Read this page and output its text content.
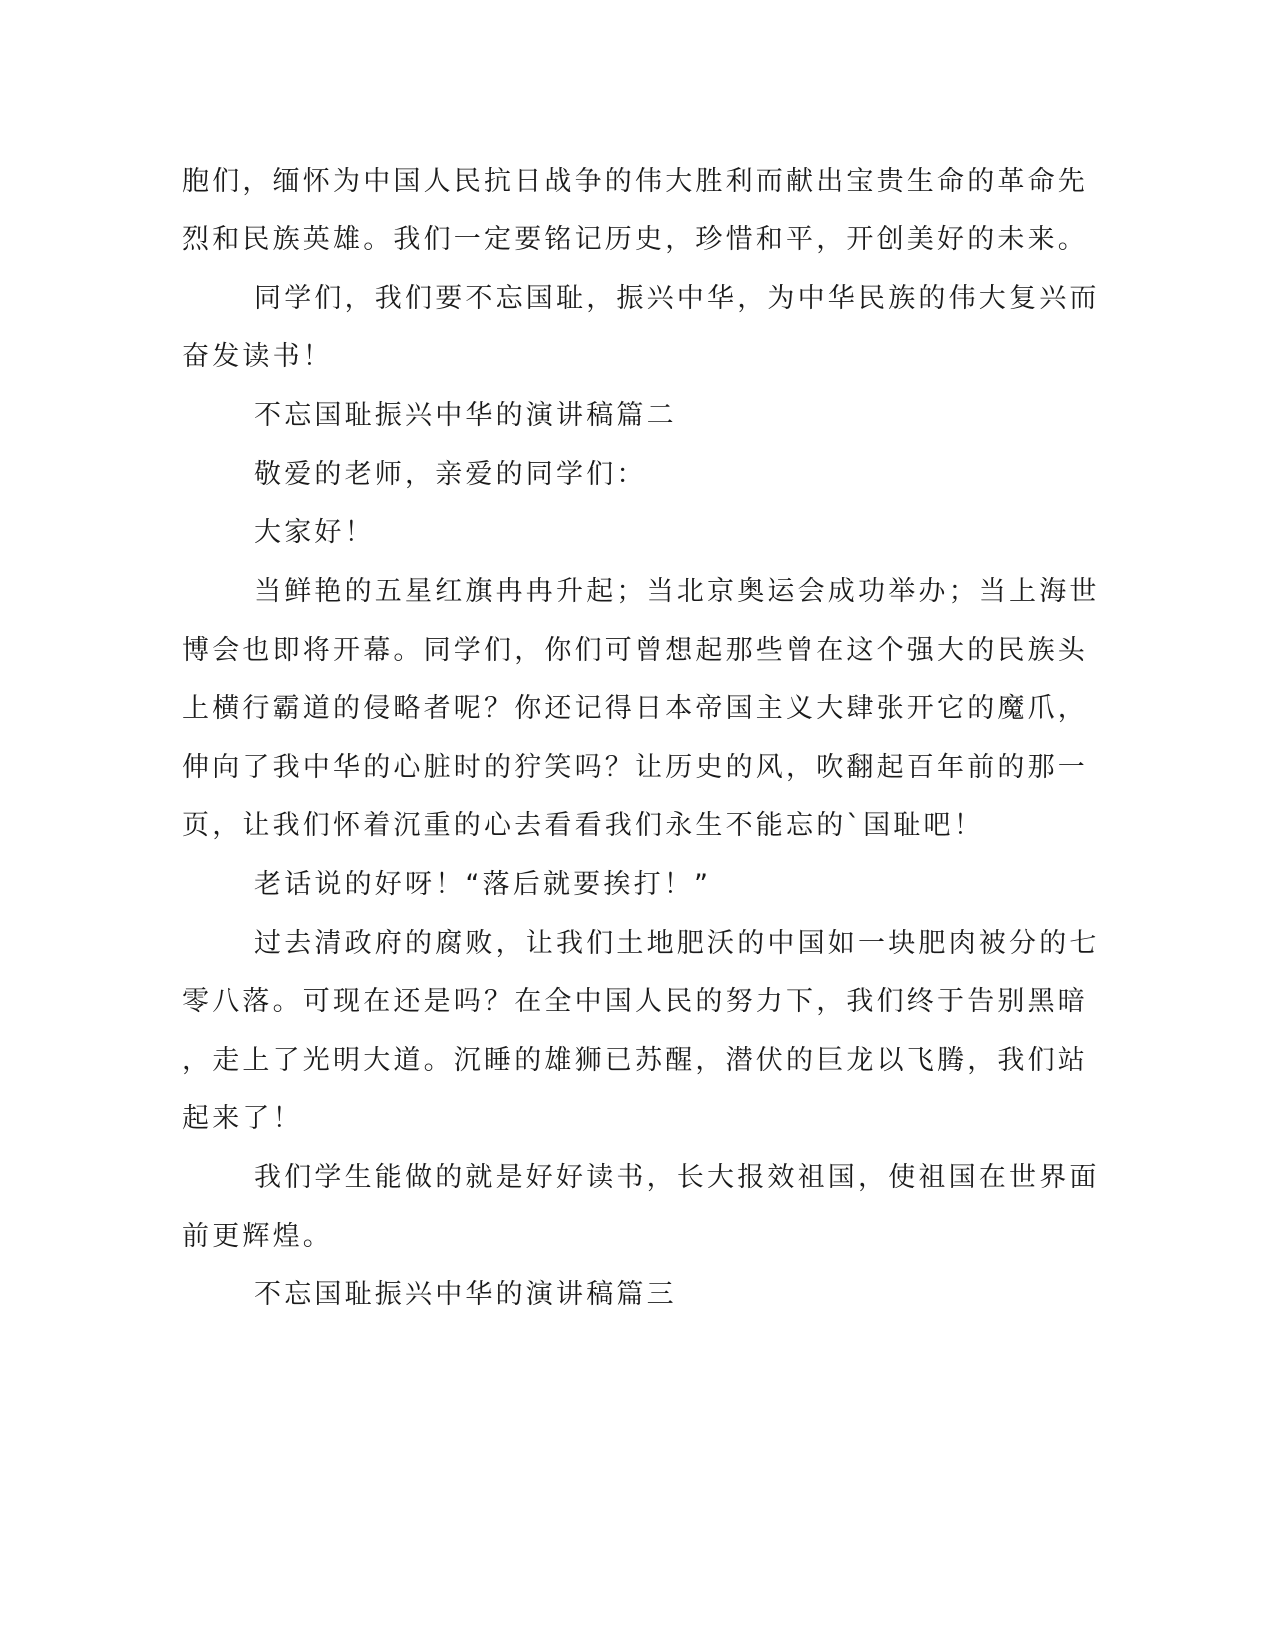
胞们，缅怀为中国人民抗日战争的伟大胜利而献出宝贵生命的革命先
烈和民族英雄。我们一定要铭记历史，珍惜和平，开创美好的未来。
同学们，我们要不忘国耻，振兴中华，为中华民族的伟大复兴而
奋发读书！
不忘国耻振兴中华的演讲稿篇二
敬爱的老师，亲爱的同学们：
大家好！
当鲜艳的五星红旗冉冉升起；当北京奥运会成功举办；当上海世
博会也即将开幕。同学们，你们可曾想起那些曾在这个强大的民族头
上横行霸道的侵略者呢？你还记得日本帝国主义大肆张开它的魔爪，
伸向了我中华的心脏时的狞笑吗？让历史的风，吹翻起百年前的那一
页，让我们怀着沉重的心去看看我们永生不能忘的`国耻吧！
老话说的好呀！“落后就要挨打！”
过去清政府的腐败，让我们土地肥沃的中国如一块肥肉被分的七
零八落。可现在还是吗？在全中国人民的努力下，我们终于告别黑暗
，走上了光明大道。沉睡的雄狮已苏醒，潜伏的巨龙以飞腾，我们站
起来了！
我们学生能做的就是好好读书，长大报效祖国，使祖国在世界面
前更辉煌。
不忘国耻振兴中华的演讲稿篇三
